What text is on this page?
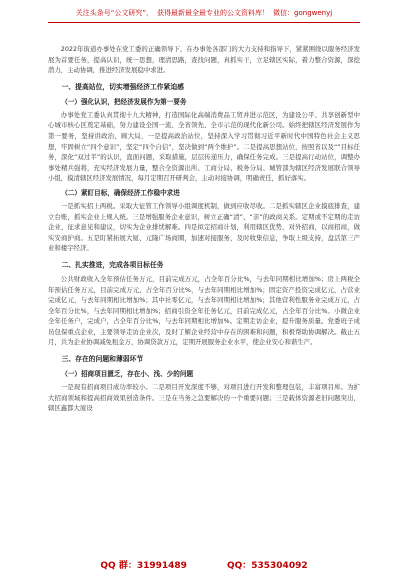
关注头条号“公文研究”， 获得最新最全最专业的公文资料库！ 微信：gongwenyj

2022年街道办事处在党工委的正确领导下，在办事处各部门的大力支持和指导下，紧紧围绕以服务经济发展为首要任务，提高认识，统一思想，理清思路，查找问题，真抓实干，立足辖区实际，着力整合资源，深挖潜力，主动协调，推进经济发展稳中求进。

一、提高站位，切实增强经济工作紧迫感
（一）强化认识，把经济发展作为第一要务

办事处党工委认真贯彻十九大精神，打造国际化高端消费品工贸并进示范区，为建设公平、共享创新型中心城市核心区奠定基础，努力建设全国一流、全省领先、全市示范的现代化新公司。始终把辖区经济发展作为第一要务，坚持讲政治、顾大局，一是提高政治站位，坚持深入学习贯彻习近平新时代中国特色社会主义思想，牢固树立“四个意识”，坚定“四个自信”，坚决做到“两个维护”。二是提高思想站位，按照省以及“”目标任务，深化“双过半”的认识，直面问题，采取措施，层层传递压力，确保任务完成。三是提高行动站位，调整办事处精兵强将，充实经济发展力量，整合全资源出所、工商分局、税务分局、城管部为辖区经济发展联合领导小组，摸清辖区经济发展情况，每月定期召开研判会，主动对接协调，明确责任，抓好落实。

（二）紧盯目标，确保经济工作稳中求进

一是抓实招上两税。采取大征管工作领导小组调度机制，做到应收尽收。二是抓实辖区企业摸底排查，建立台账，抓实企业上规入统。三是增强服务企业意识，树立正确“清”、“亲”的政商关系。定期或不定期的走访企业，征求意见和建议，切实为企业排忧解难。四是拟定招商计划，利用辖区优势，对外招商，以商招商，做实安商护商。五是盯紧拓展大厦、元隆广场商圈，加速对接服务，及时收集信息，争取上级支持，盘活第三产业和楼宇经济。

二、扎实推进，完成各项目标任务

公共财政收入全年预估任务万元，目前完成万元，占全年百分比%，与去年同期相比增加%；房上两税全年预估任务万元，目前完成万元，占全年百分比%，与去年同期相比增加%；固定资产投资完成亿元，占营业完成亿元，与去年同期相比增加%；其中社零亿元，与去年同期相比增加%；其他营利性服务业完成万元，占全年百分比%，与去年同期相比增加%；招商引资全年任务亿元，目前完成亿元，占全年百分比%。小微企业全年任务户，完成户，占全年百分比%，与去年同期相比增加%。定期走访企业，提升服务质量。党委班子成员包保重点企业，主要领导走访企业次，及时了解企业经营中存在的困难和问题，积极帮助协调解决。截止五月，共为企业协调减免租金万，协调贷款万元，定期开展服务企业水平，使企业安心和谐生产。

三、存在的问题和薄弱环节
（一）招商项目匮乏，存在小、浅、少的问题

一是现有招商项目成功率较小。二是项目开发深度不够，对项目进行开发和整理包装，丰富项目库。为扩大招商领域和提高招商效果创造条件。三是在当务之急要解决的一个重要问题；三是载体资源老旧问题突出，辖区鑫都大厦设

QQ 群：31991489	QQ：535304092
